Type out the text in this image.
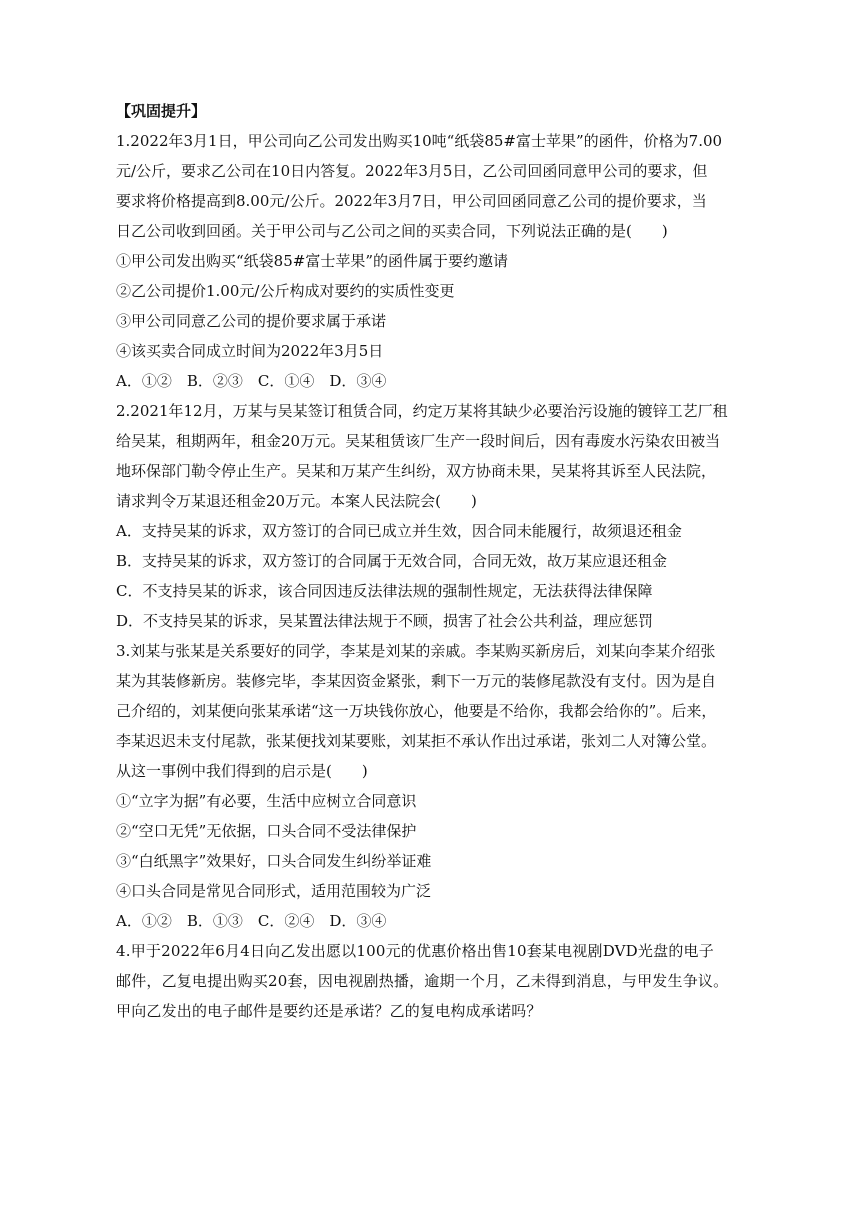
【巩固提升】
1.2022年3月1日，甲公司向乙公司发出购买10吨“纸袋85#富士苹果”的函件，价格为7.00
元/公斤，要求乙公司在10日内答复。2022年3月5日，乙公司回函同意甲公司的要求，但
要求将价格提高到8.00元/公斤。2022年3月7日，甲公司回函同意乙公司的提价要求，当
日乙公司收到回函。关于甲公司与乙公司之间的买卖合同，下列说法正确的是(　　)
①甲公司发出购买“纸袋85#富士苹果”的函件属于要约邀请
②乙公司提价1.00元/公斤构成对要约的实质性变更
③甲公司同意乙公司的提价要求属于承诺
④该买卖合同成立时间为2022年3月5日
A．①②　B．②③　C．①④　D．③④
2.2021年12月，万某与吴某签订租赁合同，约定万某将其缺少必要治污设施的镀锌工艺厂租
给吴某，租期两年，租金20万元。吴某租赁该厂生产一段时间后，因有毒废水污染农田被当
地环保部门勒令停止生产。吴某和万某产生纠纷，双方协商未果，吴某将其诉至人民法院，
请求判令万某退还租金20万元。本案人民法院会(　　)
A．支持吴某的诉求，双方签订的合同已成立并生效，因合同未能履行，故须退还租金
B．支持吴某的诉求，双方签订的合同属于无效合同，合同无效，故万某应退还租金
C．不支持吴某的诉求，该合同因违反法律法规的强制性规定，无法获得法律保障
D．不支持吴某的诉求，吴某置法律法规于不顾，损害了社会公共利益，理应惩罚
3.刘某与张某是关系要好的同学，李某是刘某的亲戚。李某购买新房后，刘某向李某介绍张
某为其装修新房。装修完毕，李某因资金紧张，剩下一万元的装修尾款没有支付。因为是自
己介绍的，刘某便向张某承诺“这一万块钱你放心，他要是不给你，我都会给你的”。后来，
李某迟迟未支付尾款，张某便找刘某要账，刘某拒不承认作出过承诺，张刘二人对簿公堂。
从这一事例中我们得到的启示是(　　)
①“立字为据”有必要，生活中应树立合同意识
②“空口无凭”无依据，口头合同不受法律保护
③“白纸黑字”效果好，口头合同发生纠纷举证难
④口头合同是常见合同形式，适用范围较为广泛
A．①②　B．①③　C．②④　D．③④
4.甲于2022年6月4日向乙发出愿以100元的优惠价格出售10套某电视剧DVD光盘的电子
邮件，乙复电提出购买20套，因电视剧热播，逾期一个月，乙未得到消息，与甲发生争议。
甲向乙发出的电子邮件是要约还是承诺？乙的复电构成承诺吗？
